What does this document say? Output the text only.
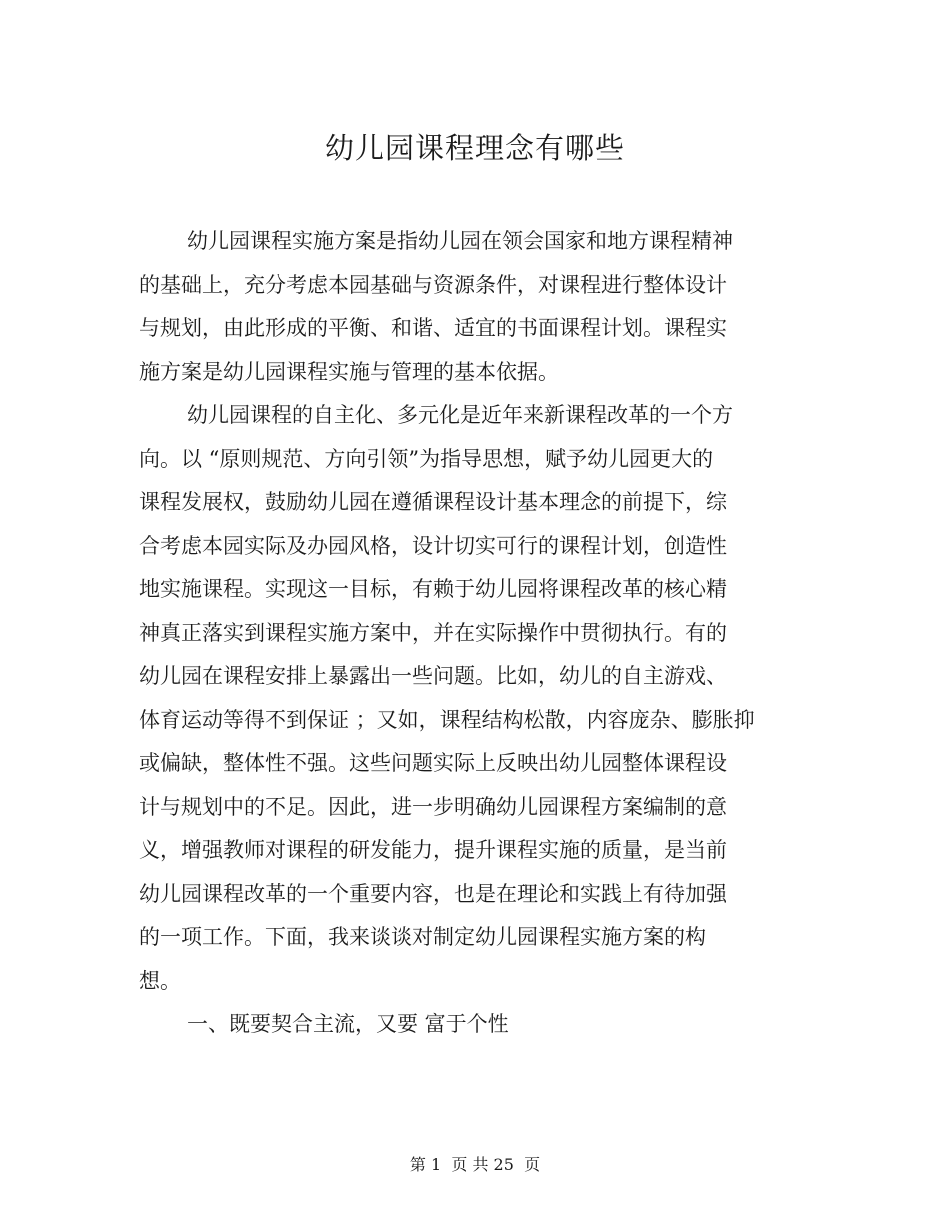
幼儿园课程理念有哪些
幼儿园课程实施方案是指幼儿园在领会国家和地方课程精神
的基础上，充分考虑本园基础与资源条件，对课程进行整体设计
与规划，由此形成的平衡、和谐、适宜的书面课程计划。课程实
施方案是幼儿园课程实施与管理的基本依据。
幼儿园课程的自主化、多元化是近年来新课程改革的一个方
向。以 “原则规范、方向引领”为指导思想，赋予幼儿园更大的
课程发展权，鼓励幼儿园在遵循课程设计基本理念的前提下，综
合考虑本园实际及办园风格，设计切实可行的课程计划，创造性
地实施课程。实现这一目标，有赖于幼儿园将课程改革的核心精
神真正落实到课程实施方案中，并在实际操作中贯彻执行。有的
幼儿园在课程安排上暴露出一些问题。比如，幼儿的自主游戏、
体育运动等得不到保证 ；又如，课程结构松散，内容庞杂、膨胀抑
或偏缺，整体性不强。这些问题实际上反映出幼儿园整体课程设
计与规划中的不足。因此，进一步明确幼儿园课程方案编制的意
义，增强教师对课程的研发能力，提升课程实施的质量，是当前
幼儿园课程改革的一个重要内容，也是在理论和实践上有待加强
的一项工作。下面，我来谈谈对制定幼儿园课程实施方案的构
想。
一、既要契合主流，又要 富于个性
第 1  页 共 25  页
